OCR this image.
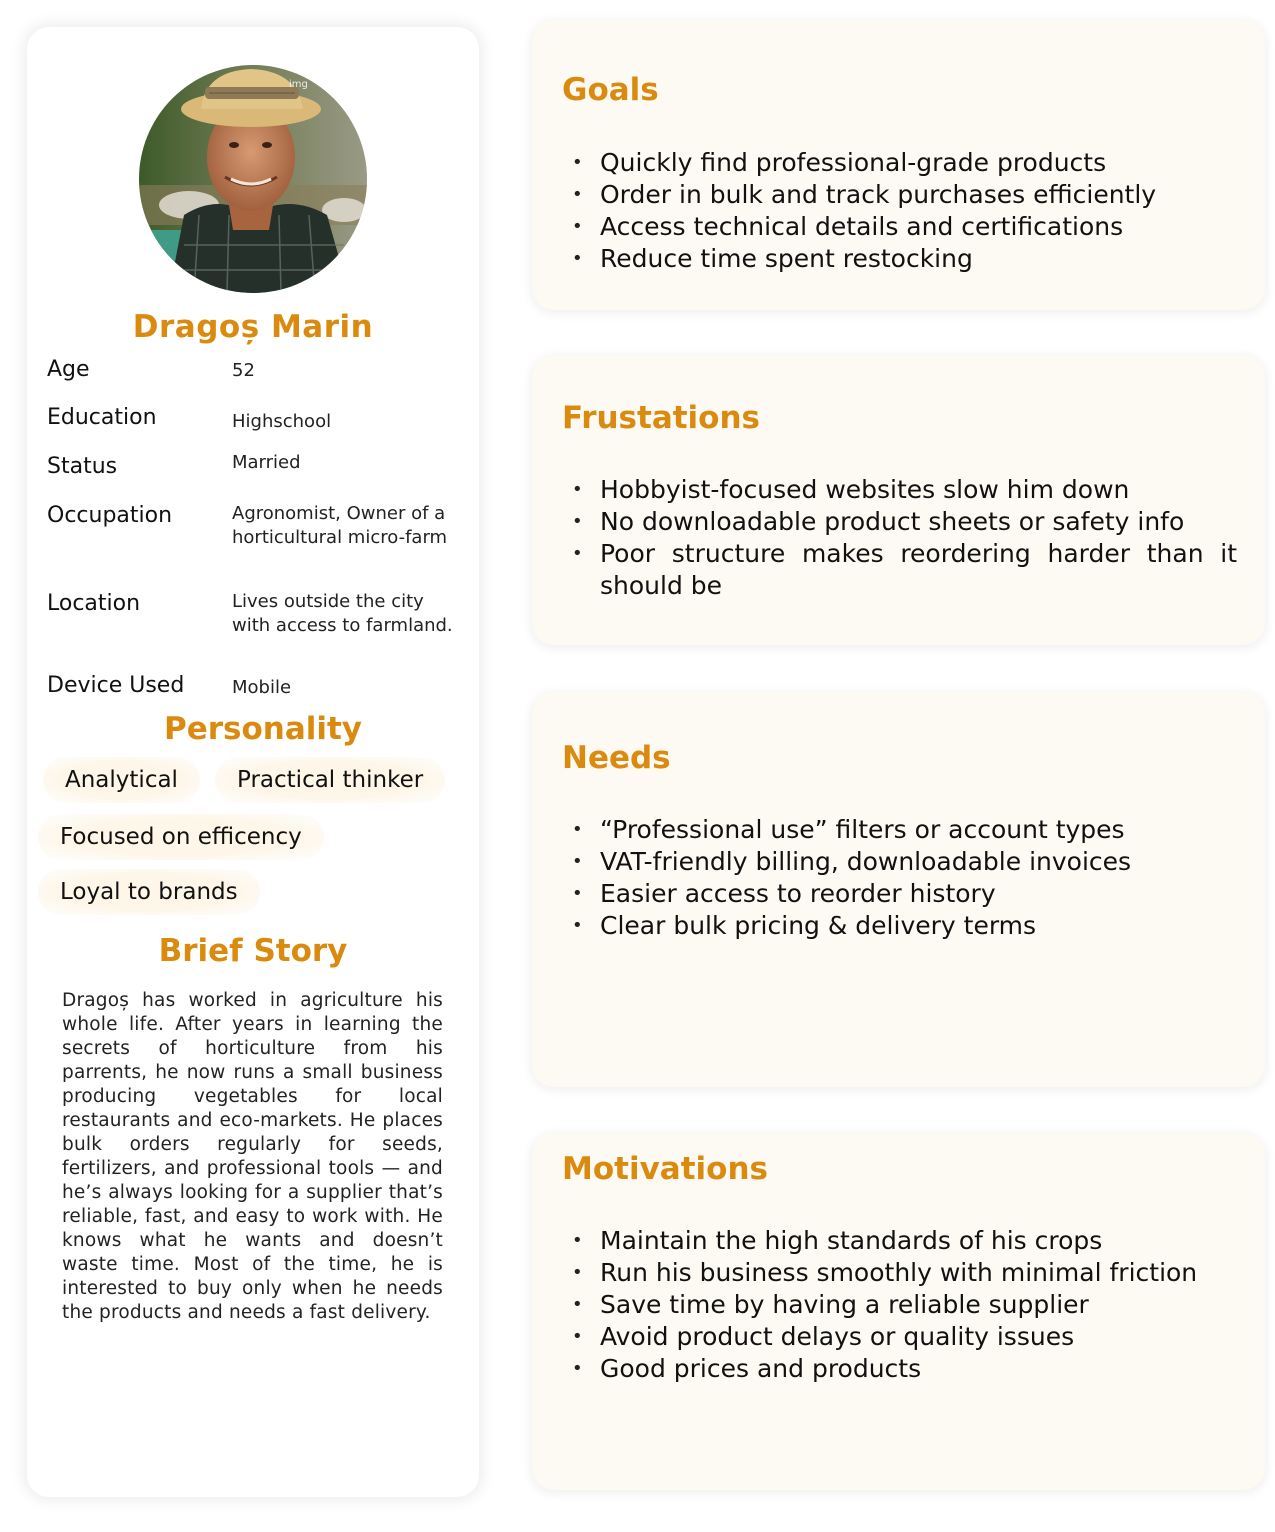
img
Dragoș Marin
Age	52
Education	Highschool
Status	Married
Occupation	Agronomist, Owner of a horticultural micro-farm
Location	Lives outside the city with access to farmland.
Device Used	Mobile
Personality
Analytical	Practical thinker
Focused on efficency
Loyal to brands
Brief Story

Dragoș has worked in agriculture his whole life. After years in learning the secrets of horticulture from his parrents, he now runs a small business producing vegetables for local restaurants and eco-markets. He places bulk orders regularly for seeds, fertilizers, and professional tools — and he’s always looking for a supplier that’s reliable, fast, and easy to work with. He knows what he wants and doesn’t waste time. Most of the time, he is interested to buy only when he needs the products and needs a fast delivery.

Goals
• Quickly find professional-grade products
• Order in bulk and track purchases efficiently
• Access technical details and certifications
• Reduce time spent restocking
Frustations
• Hobbyist-focused websites slow him down
• No downloadable product sheets or safety info
• Poor structure makes reordering harder than it should be
Needs
• “Professional use” filters or account types
• VAT-friendly billing, downloadable invoices
• Easier access to reorder history
• Clear bulk pricing & delivery terms
Motivations
• Maintain the high standards of his crops
• Run his business smoothly with minimal friction
• Save time by having a reliable supplier
• Avoid product delays or quality issues
• Good prices and products
